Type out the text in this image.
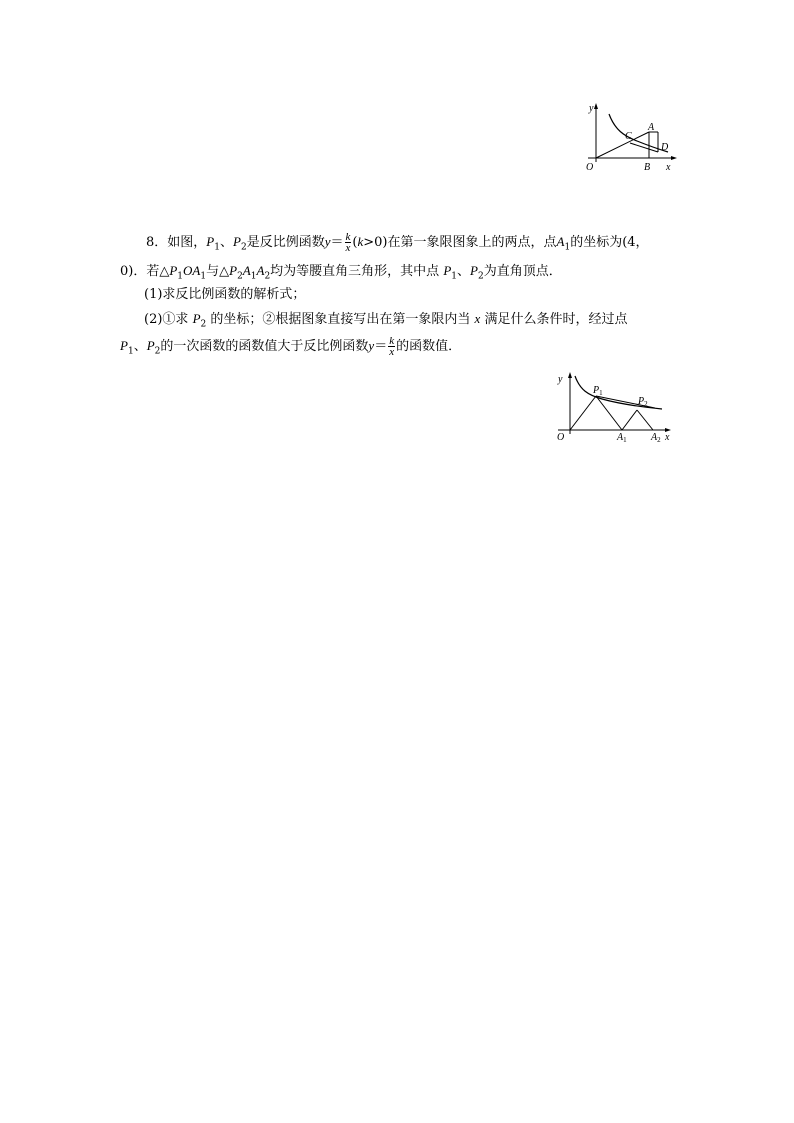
y
O	x
B
A
C
D
8．如图，$P_1$、$P_2$是反比例函数$y= \frac{k}{x} (k>0)$在第一象限图象上的两点，点$A_1$的坐标为(4，
0)．若$\triangle P_1OA_1$与$\triangle P_2A_1A_2$均为等腰直角三角形，其中点 $P_1$、$P_2$为直角顶点．
(1)求反比例函数的解析式；
(2)①求 $P_2$ 的坐标；②根据图象直接写出在第一象限内当 x 满足什么条件时，经过点
$P_1$、$P_2$的一次函数的函数值大于反比例函数$y= \frac{k}{x}$ 的函数值．
y
O	x
$P_1$
$P_2$
$A_1$ $A_2$
